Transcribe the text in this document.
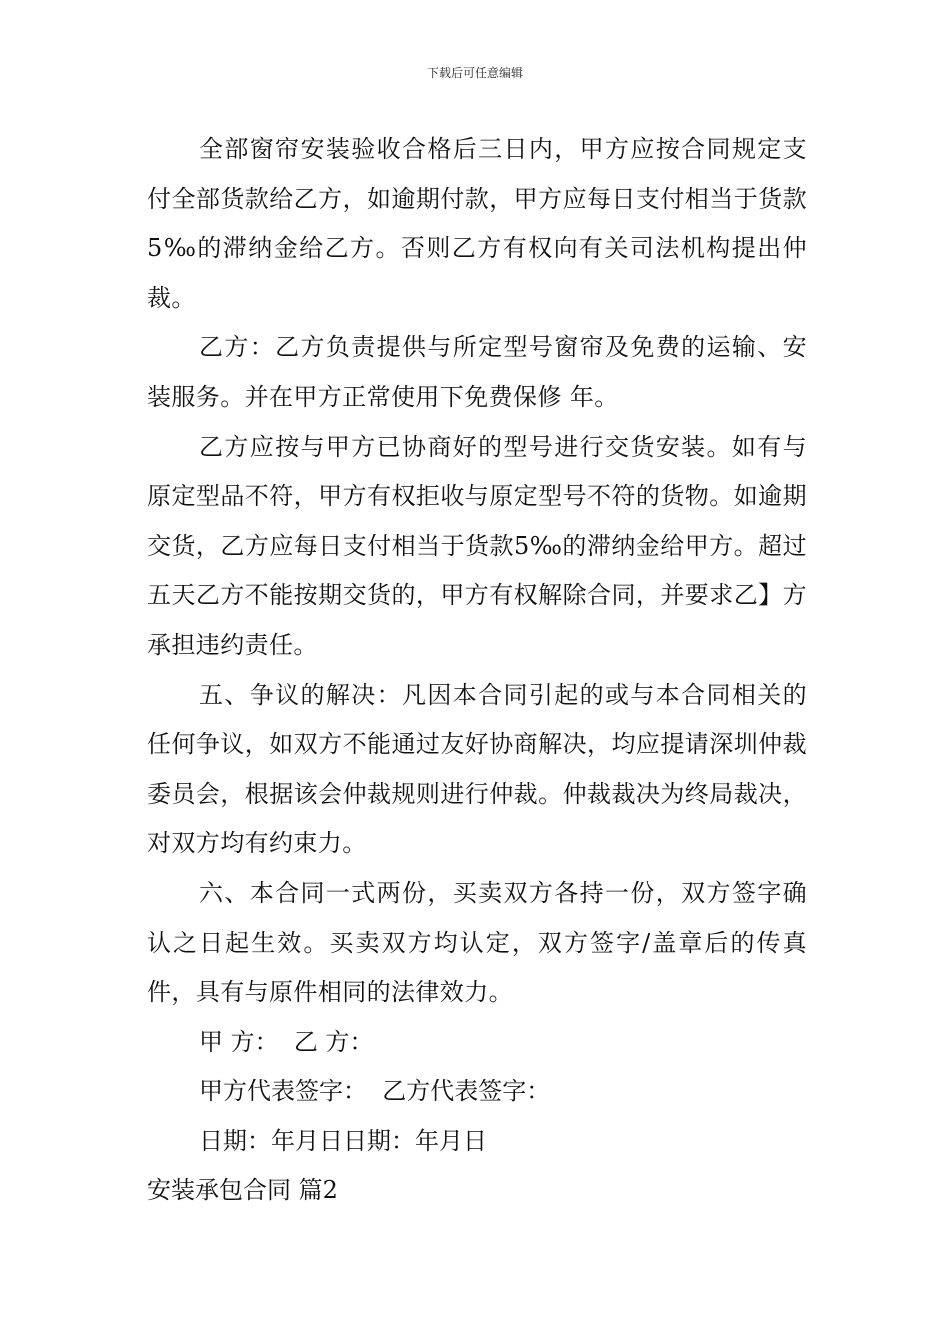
下载后可任意编辑

全部窗帘安装验收合格后三日内，甲方应按合同规定支付全部货款给乙方，如逾期付款，甲方应每日支付相当于货款5‰的滞纳金给乙方。否则乙方有权向有关司法机构提出仲裁。

乙方：乙方负责提供与所定型号窗帘及免费的运输、安装服务。并在甲方正常使用下免费保修 年。

乙方应按与甲方已协商好的型号进行交货安装。如有与原定型品不符，甲方有权拒收与原定型号不符的货物。如逾期交货，乙方应每日支付相当于货款5‰的滞纳金给甲方。超过五天乙方不能按期交货的，甲方有权解除合同，并要求乙】方承担违约责任。

五、争议的解决：凡因本合同引起的或与本合同相关的任何争议，如双方不能通过友好协商解决，均应提请深圳仲裁委员会，根据该会仲裁规则进行仲裁。仲裁裁决为终局裁决，对双方均有约束力。

六、本合同一式两份，买卖双方各持一份，双方签字确认之日起生效。买卖双方均认定，双方签字/盖章后的传真件，具有与原件相同的法律效力。

甲 方：  乙 方：

甲方代表签字：  乙方代表签字：

日期：年月日日期：年月日

安装承包合同 篇2
